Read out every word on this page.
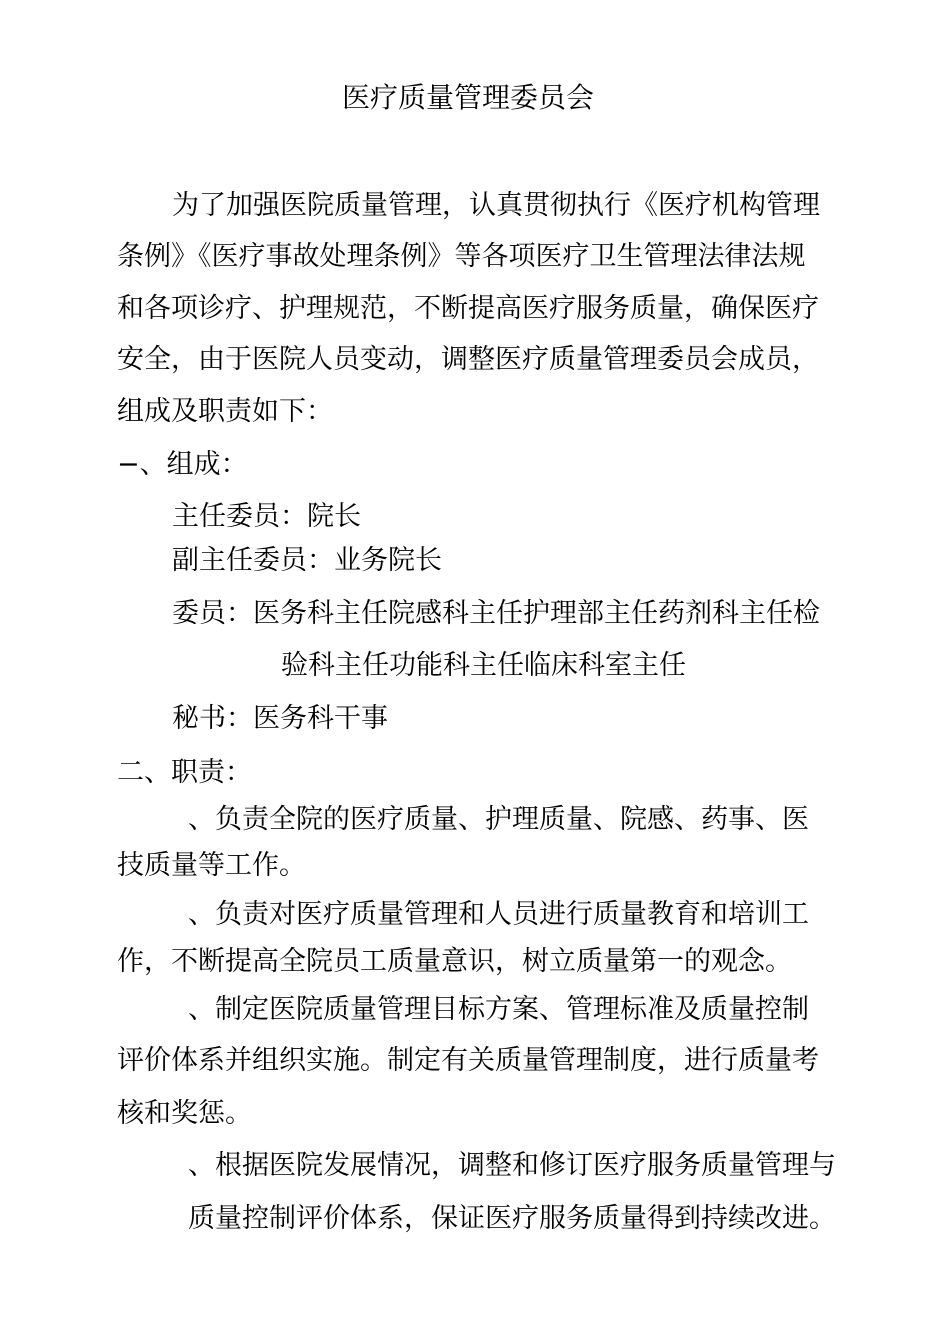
医疗质量管理委员会
为了加强医院质量管理，认真贯彻执行《医疗机构管理
条例》《医疗事故处理条例》等各项医疗卫生管理法律法规
和各项诊疗、护理规范，不断提高医疗服务质量，确保医疗
安全，由于医院人员变动，调整医疗质量管理委员会成员，
组成及职责如下：
−、组成：
主任委员：院长
副主任委员：业务院长
委员：医务科主任院感科主任护理部主任药剂科主任检
验科主任功能科主任临床科室主任
秘书：医务科干事
二、职责：
、负责全院的医疗质量、护理质量、院感、药事、医
技质量等工作。
、负责对医疗质量管理和人员进行质量教育和培训工
作，不断提高全院员工质量意识，树立质量第一的观念。
、制定医院质量管理目标方案、管理标准及质量控制
评价体系并组织实施。制定有关质量管理制度，进行质量考
核和奖惩。
、根据医院发展情况，调整和修订医疗服务质量管理与
质量控制评价体系，保证医疗服务质量得到持续改进。
